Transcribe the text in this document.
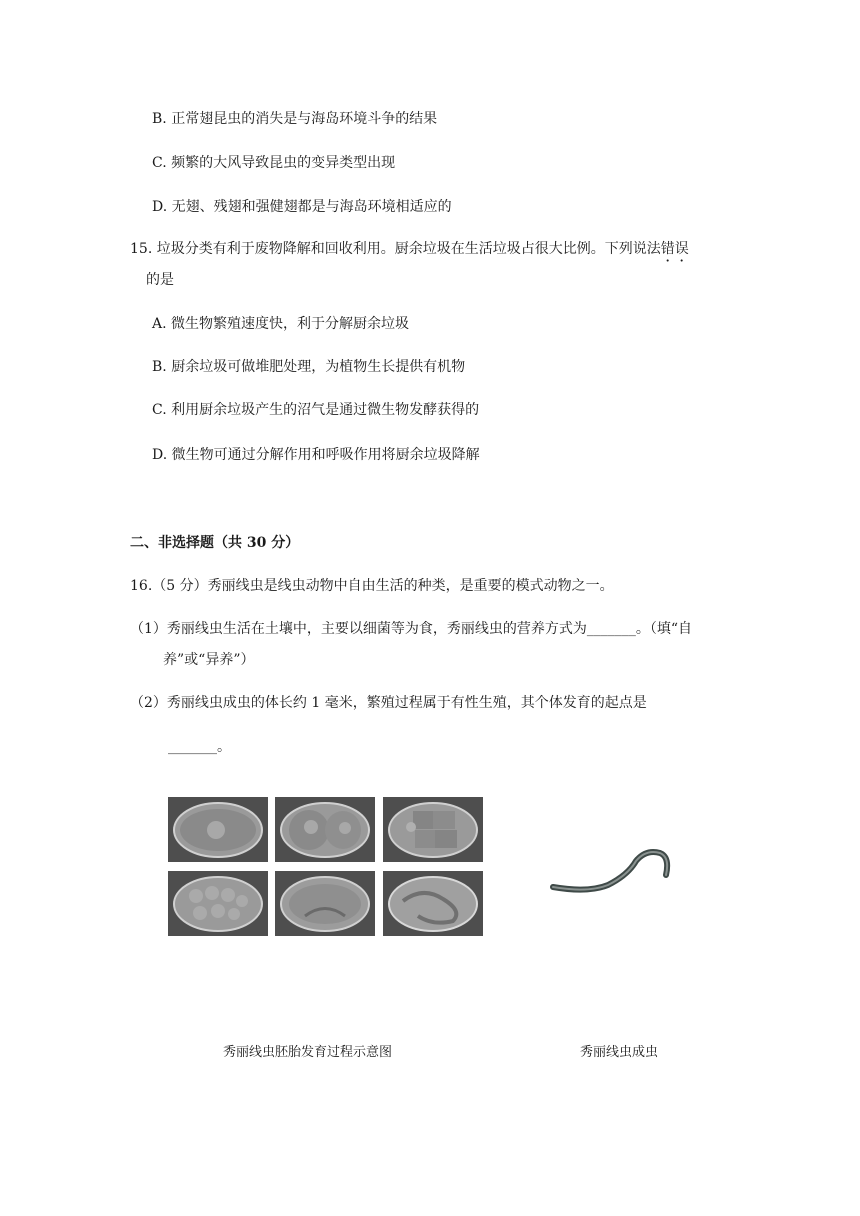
B. 正常翅昆虫的消失是与海岛环境斗争的结果
C. 频繁的大风导致昆虫的变异类型出现
D. 无翅、残翅和强健翅都是与海岛环境相适应的
15. 垃圾分类有利于废物降解和回收利用。厨余垃圾在生活垃圾占很大比例。下列说法错误
的是
A. 微生物繁殖速度快，利于分解厨余垃圾
B. 厨余垃圾可做堆肥处理，为植物生长提供有机物
C. 利用厨余垃圾产生的沼气是通过微生物发酵获得的
D. 微生物可通过分解作用和呼吸作用将厨余垃圾降解
二、非选择题（共 30 分）
16.（5 分）秀丽线虫是线虫动物中自由生活的种类，是重要的模式动物之一。
（1）秀丽线虫生活在土壤中，主要以细菌等为食，秀丽线虫的营养方式为_______。（填“自
养”或“异养”）
（2）秀丽线虫成虫的体长约 1 毫米，繁殖过程属于有性生殖，其个体发育的起点是
_______。
秀丽线虫胚胎发育过程示意图	秀丽线虫成虫
